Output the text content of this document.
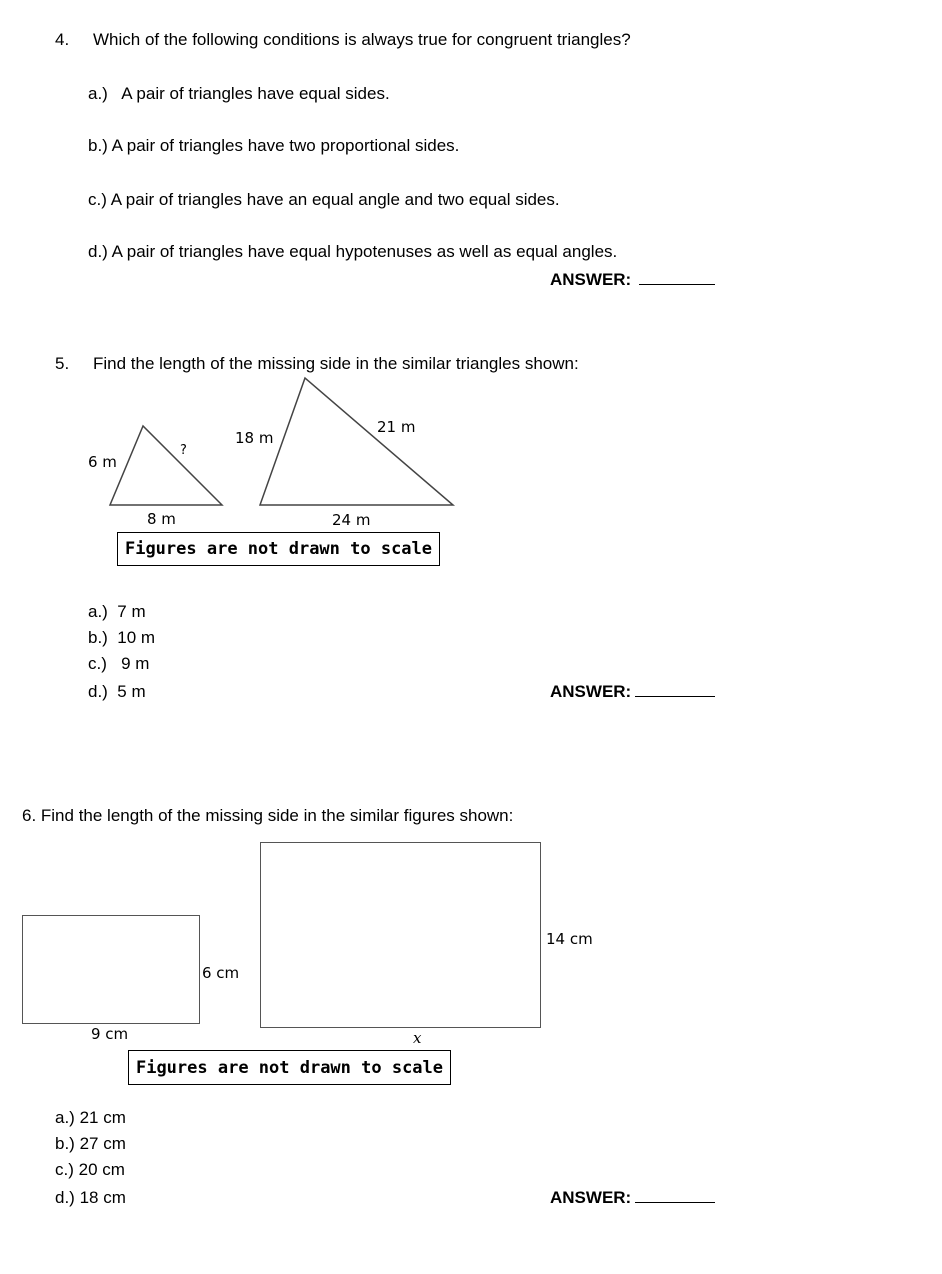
4. Which of the following conditions is always true for congruent triangles?
a.) A pair of triangles have equal sides.
b.) A pair of triangles have two proportional sides.
c.) A pair of triangles have an equal angle and two equal sides.
d.) A pair of triangles have equal hypotenuses as well as equal angles.
ANSWER:
5. Find the length of the missing side in the similar triangles shown:
6 m
?
8 m
18 m
21 m
24 m
Figures are not drawn to scale
a.) 7 m
b.) 10 m
c.) 9 m
d.) 5 m	ANSWER:
6. Find the length of the missing side in the similar figures shown:
9 cm
6 cm
14 cm
x
Figures are not drawn to scale
a.) 21 cm
b.) 27 cm
c.) 20 cm
d.) 18 cm	ANSWER:
